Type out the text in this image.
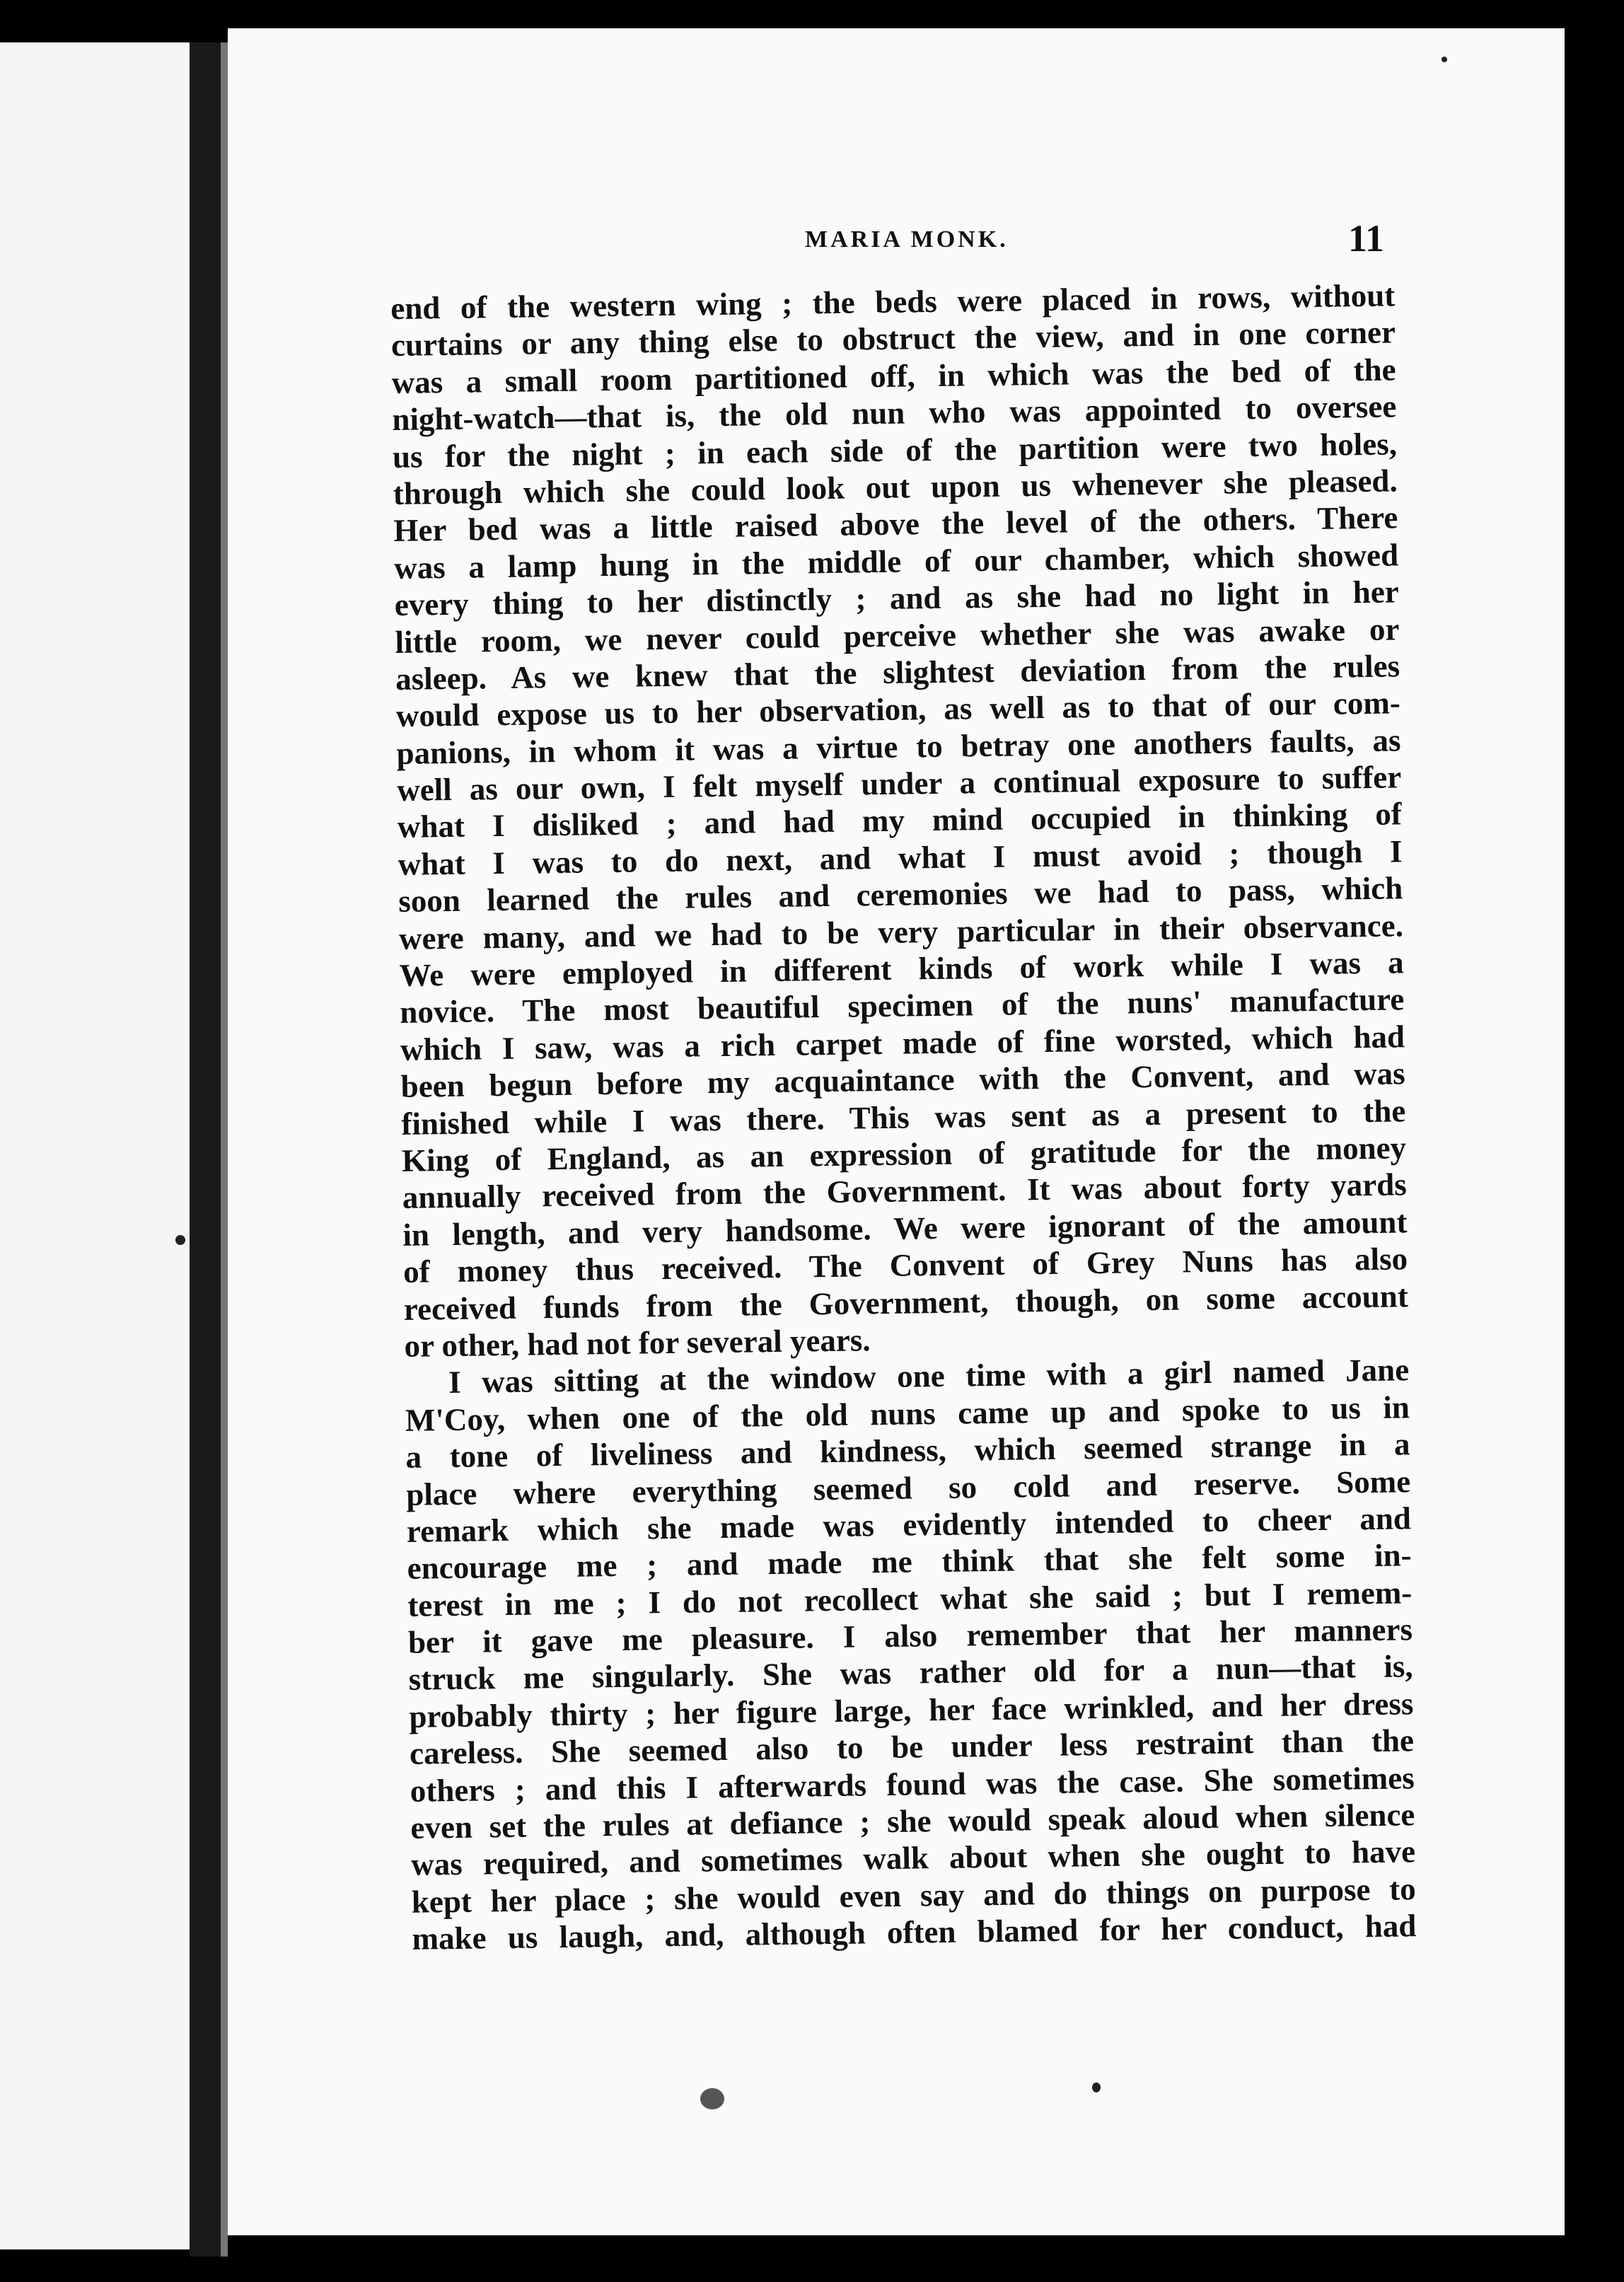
MARIA MONK.	11
end of the western wing ; the beds were placed in rows, without
curtains or any thing else to obstruct the view, and in one corner
was a small room partitioned off, in which was the bed of the
night-watch—that is, the old nun who was appointed to oversee
us for the night ; in each side of the partition were two holes,
through which she could look out upon us whenever she pleased.
Her bed was a little raised above the level of the others. There
was a lamp hung in the middle of our chamber, which showed
every thing to her distinctly ; and as she had no light in her
little room, we never could perceive whether she was awake or
asleep. As we knew that the slightest deviation from the rules
would expose us to her observation, as well as to that of our com-
panions, in whom it was a virtue to betray one anothers faults, as
well as our own, I felt myself under a continual exposure to suffer
what I disliked ; and had my mind occupied in thinking of
what I was to do next, and what I must avoid ; though I
soon learned the rules and ceremonies we had to pass, which
were many, and we had to be very particular in their observance.
We were employed in different kinds of work while I was a
novice. The most beautiful specimen of the nuns' manufacture
which I saw, was a rich carpet made of fine worsted, which had
been begun before my acquaintance with the Convent, and was
finished while I was there. This was sent as a present to the
King of England, as an expression of gratitude for the money
annually received from the Government. It was about forty yards
in length, and very handsome. We were ignorant of the amount
of money thus received. The Convent of Grey Nuns has also
received funds from the Government, though, on some account
or other, had not for several years.
I was sitting at the window one time with a girl named Jane
M'Coy, when one of the old nuns came up and spoke to us in
a tone of liveliness and kindness, which seemed strange in a
place where everything seemed so cold and reserve. Some
remark which she made was evidently intended to cheer and
encourage me ; and made me think that she felt some in-
terest in me ; I do not recollect what she said ; but I remem-
ber it gave me pleasure. I also remember that her manners
struck me singularly. She was rather old for a nun—that is,
probably thirty ; her figure large, her face wrinkled, and her dress
careless. She seemed also to be under less restraint than the
others ; and this I afterwards found was the case. She sometimes
even set the rules at defiance ; she would speak aloud when silence
was required, and sometimes walk about when she ought to have
kept her place ; she would even say and do things on purpose to
make us laugh, and, although often blamed for her conduct, had
